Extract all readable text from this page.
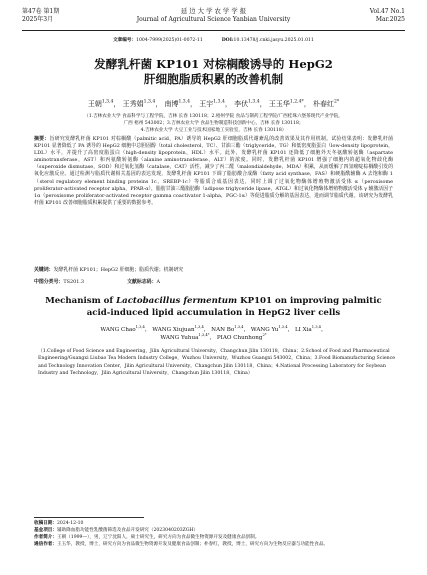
第47卷 第1期
2025年3月
延 边 大 学 农 学 学 报
Journal of Agricultural Science Yanbian University
Vol.47 No.1
Mar.2025
文章编号：1004-7999(2025)01-0072-11	DOI:10.13478/j.cnki.jasyu.2025.01.011
发酵乳杆菌 KP101 对棕榈酸诱导的 HepG2
肝细胞脂质积累的改善机制
王朝$^{1,3,4}$， 王秀娟$^{1,3,4}$， 南博$^{1,3,4}$， 王宇$^{1,3,4}$， 李伏$^{1,3,4}$， 王玉华$^{1,2,4*}$， 朴春红$^{2*}$
（1.吉林农业大学 食品科学与工程学院，吉林 长春 130118；2.梧州学院 食品与制药工程学院/广西桂珠六堡茶现代产业学院，
广西 梧州 543002；3.吉林农业大学 食品生物制造科技创新中心，吉林 长春 130118；
4.吉林农业大学 大豆工业与技术国家地工实验室，吉林 长春 130118）
摘要：旨研究发酵乳杆菌 KP101 对棕榈酸（palmitic acid，PA）诱导的 HepG2 肝细胞脂质代谢紊乱的改善效果及其作用机制。试验结果表明：发酵乳杆菌 KP101 显著降低了 PA 诱导的 HepG2 细胞中总胆固醇（total cholesterol，TC）、甘油三酯（triglyceride，TG）和低密度脂蛋白（low-density lipoprotein，LDL）水平，并提升了高密度脂蛋白（high-density lipoprotein，HDL）水平。此外，发酵乳杆菌 KP101 还降低了细胞外天冬氨酸转氨酶（aspartate aminotransferase，AST）和丙氨酸转氨酶（alanine aminotransferase，ALT）的浓度。同时，发酵乳杆菌 KP101 增强了细胞内的超氧化物歧化酶（superoxide dismutase，SOD）和过氧化氢酶（catalase，CAT）活性，减少了丙二醛（malondialdehyde，MDA）积累，从而缓解了四氢嘧啶棕榈酸引发的氧化应激反应。通过检测与脂质代谢相关基因的表达发现，发酵乳杆菌 KP101 下调了脂肪酸合成酶（fatty acid synthase，FAS）和硬脂酰辅酶 A 去饱和酶 1（sterol regulatory element binding proteins 1c，SREBP-1c）等脂质合成基因表达，同时上调了过氧化物酶体增殖物激活受体 α（peroxisome proliferator-activated receptor alpha，PPAR-α），脂肪甘油三酯脂肪酶（adipose triglyceride lipase，ATGL）和过氧化物酶体增殖物激活受体 γ 辅激活因子 1α（peroxisome proliferator-activated receptor gamma coactivator 1-alpha，PGC-1α）等促进脂质分解的基因表达，进而调节脂质代谢。该研究为发酵乳杆菌 KP101 改善细胞脂质积累提供了重要的数据参考。
关键词：发酵乳杆菌 KP101；HepG2 肝细胞；脂质代谢；机制研究
中图分类号：TS201.3	文献标志码：A
Mechanism of Lactobacillus fermentum KP101 on improving palmitic
acid-induced lipid accumulation in HepG2 liver cells
WANG Chao$^{1,3,4}$， WANG Xiujuan$^{1,3,4}$， NAN Bo$^{1,3,4}$， WANG Yu$^{1,3,4}$， LI Xia$^{1,3,4}$，
WANG Yuhua$^{1,3,4*}$， PIAO Chunhong$^{2*}$
（1.College of Food Science and Engineering，Jilin Agricultural University，Changchun Jilin 130118，China；2.School of Food and Pharmaceutical Engineering/Guangxi Liubao Tea Modern Industry College，Wuzhou University，Wuzhou Guangxi 543002，China；3.Food Biomanufacturing Science and Technology Innovation Center，Jilin Agricultural University，Changchun Jilin 130118，China；4.National Processing Laboratory for Soybean Industry and Technology，Jilin Agricultural University，Changchun Jilin 130118，China）
收稿日期：2024-12-10
基金项目：辅助降血脂功能性乳酸菌筛选及食品开发研究（2023040203ZGH）
作者简介：王朝（1999—），男，辽宁沈阳人，硕士研究生，研究方向为食品微生物资源开发及健康食品创制。
通信作者：王玉华，教授，博士，研究方向为食品微生物资源开发及健康食品创制；朴春红，教授，博士，研究方向为生物反应器与功能性食品。
